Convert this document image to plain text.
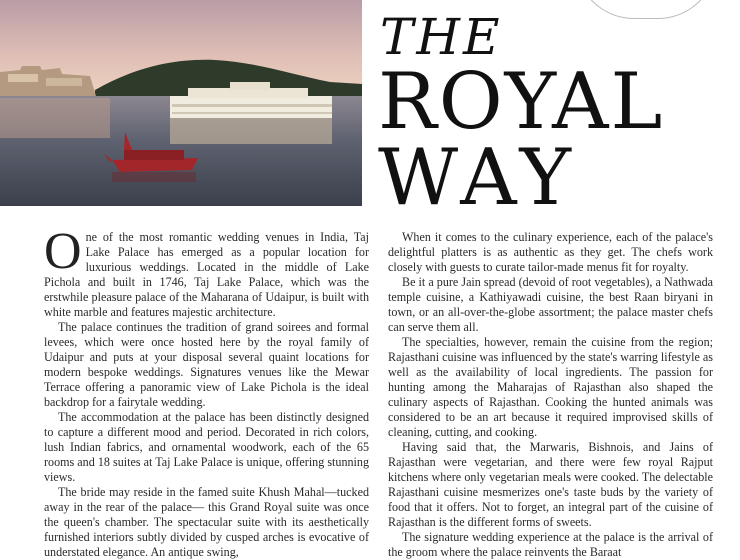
THE
ROYAL
WAY

One of the most romantic wedding venues in India, Taj Lake Palace has emerged as a popular location for luxurious weddings. Located in the middle of Lake Pichola and built in 1746, Taj Lake Palace, which was the erstwhile pleasure palace of the Maharana of Udaipur, is built with white marble and features majestic architecture.

The palace continues the tradition of grand soirees and formal levees, which were once hosted here by the royal family of Udaipur and puts at your disposal several quaint locations for modern bespoke weddings. Signatures venues like the Mewar Terrace offering a panoramic view of Lake Pichola is the ideal backdrop for a fairytale wedding.

The accommodation at the palace has been distinctly designed to capture a different mood and period. Decorated in rich colors, lush Indian fabrics, and ornamental woodwork, each of the 65 rooms and 18 suites at Taj Lake Palace is unique, offering stunning views.

The bride may reside in the famed suite Khush Mahal—tucked away in the rear of the palace— this Grand Royal suite was once the queen's chamber. The spectacular suite with its aesthetically furnished interiors subtly divided by cusped arches is evocative of understated elegance. An antique swing,

When it comes to the culinary experience, each of the palace's delightful platters is as authentic as they get. The chefs work closely with guests to curate tailor-made menus fit for royalty.

Be it a pure Jain spread (devoid of root vegetables), a Nathwada temple cuisine, a Kathiyawadi cuisine, the best Raan biryani in town, or an all-over-the-globe assortment; the palace master chefs can serve them all.

The specialties, however, remain the cuisine from the region; Rajasthani cuisine was influenced by the state's warring lifestyle as well as the availability of local ingredients. The passion for hunting among the Maharajas of Rajasthan also shaped the culinary aspects of Rajasthan. Cooking the hunted animals was considered to be an art because it required improvised skills of cleaning, cutting, and cooking.

Having said that, the Marwaris, Bishnois, and Jains of Rajasthan were vegetarian, and there were few royal Rajput kitchens where only vegetarian meals were cooked. The delectable Rajasthani cuisine mesmerizes one's taste buds by the variety of food that it offers. Not to forget, an integral part of the cuisine of Rajasthan is the different forms of sweets.

The signature wedding experience at the palace is the arrival of the groom where the palace reinvents the Baraat
